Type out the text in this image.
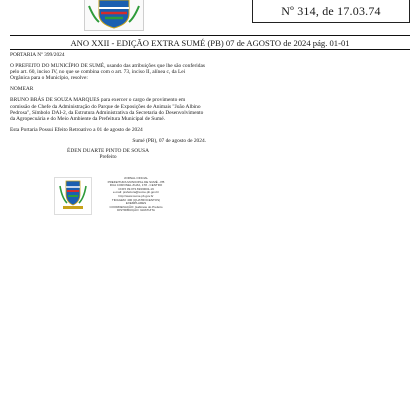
Nº 314, de 17.03.74
ANO XXII - EDIÇÃO EXTRA SUMÉ (PB) 07 de AGOSTO de 2024 pág. 01-01

PORTARIA Nº 399/2024

O PREFEITO DO MUNICÍPIO DE SUMÉ, usando das atribuições que lhe são conferidas pelo art. 60, inciso IV, no que se combina com o art. 73, inciso II, alínea c, da Lei Orgânica para o Município, resolve:

NOMEAR

BRUNO BRÁS DE SOUZA MARQUES para exercer o cargo de provimento em comissão de Chefe da Administração do Parque de Exposições de Animais "João Albino Pedrosa", Símbolo DAI-2, da Estrutura Administrativa da Secretaria do Desenvolvimento da Agropecuária e do Meio Ambiente da Prefeitura Municipal de Sumé.

Esta Portaria Possui Efeito Retroativo a 01 de agosto de 2024

Sumé (PB), 07 de agosto de 2024.

ÉDEN DUARTE PINTO DE SOUSA

Prefeito

JORNAL OFICIAL
PREFEITURA MUNICIPAL DE SUMÉ - PB
RUA CORONEL ZUZA, 178 - CENTRO
CNPJ 09.073.693/0001-19
e-mail: prefeitura@sume.pb.gov.br
http://www.sume.pb.gov.br
TIRAGEM: 400 (QUATROCENTOS)
EXEMPLARES
COORDENAÇÃO: Gabinete do Prefeito
DISTRIBUIÇÃO: GRATUITA
